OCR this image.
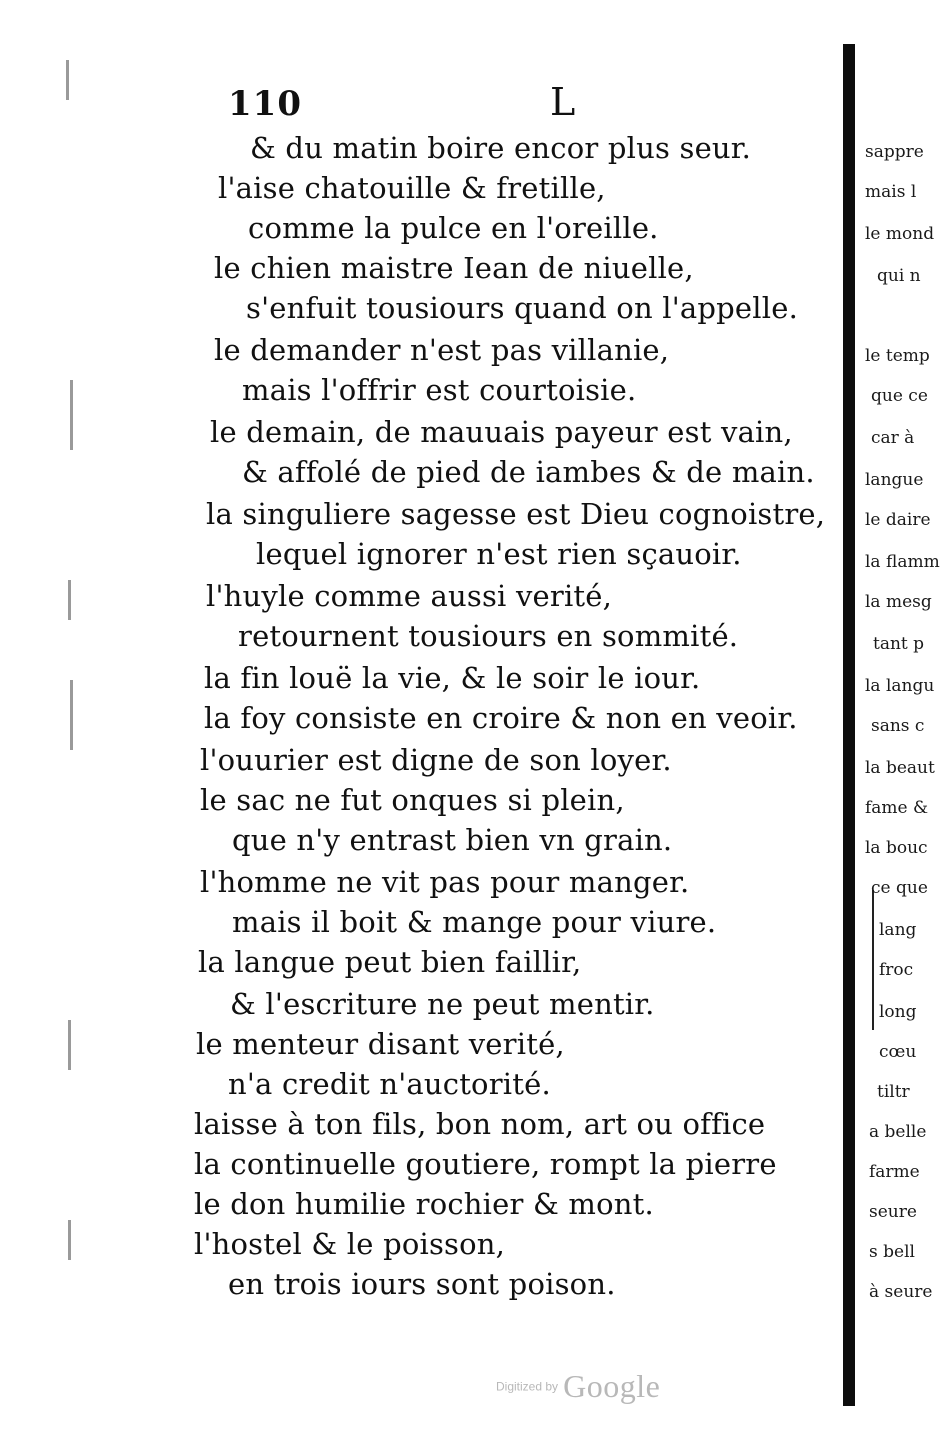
110	L
& du matin boire encor plus seur.
l'aise chatouille & fretille,
comme la pulce en l'oreille.
le chien maistre Iean de niuelle,
s'enfuit tousiours quand on l'appelle.
le demander n'est pas villanie,
mais l'offrir est courtoisie.
le demain, de mauuais payeur est vain,
& affolé de pied de iambes & de main.
la singuliere sagesse est Dieu cognoistre,
lequel ignorer n'est rien sçauoir.
l'huyle comme aussi verité,
retournent tousiours en sommité.
la fin louë la vie, & le soir le iour.
la foy consiste en croire & non en veoir.
l'ouurier est digne de son loyer.
le sac ne fut onques si plein,
que n'y entrast bien vn grain.
l'homme ne vit pas pour manger.
mais il boit & mange pour viure.
la langue peut bien faillir,
& l'escriture ne peut mentir.
le menteur disant verité,
n'a credit n'auctorité.
laisse à ton fils, bon nom, art ou office
la continuelle goutiere, rompt la pierre
le don humilie rochier & mont.
l'hostel & le poisson,
en trois iours sont poison.
sappre
mais l
le mond
qui n
le temp
que ce
car à
langue
le daire
la flamm
la mesg
tant p
la langu
sans c
la beaut
fame &
la bouc
ce que
lang
froc
long
cœu
tiltr
a belle
farme
seure
s bell
à seure
Digitized by Google
